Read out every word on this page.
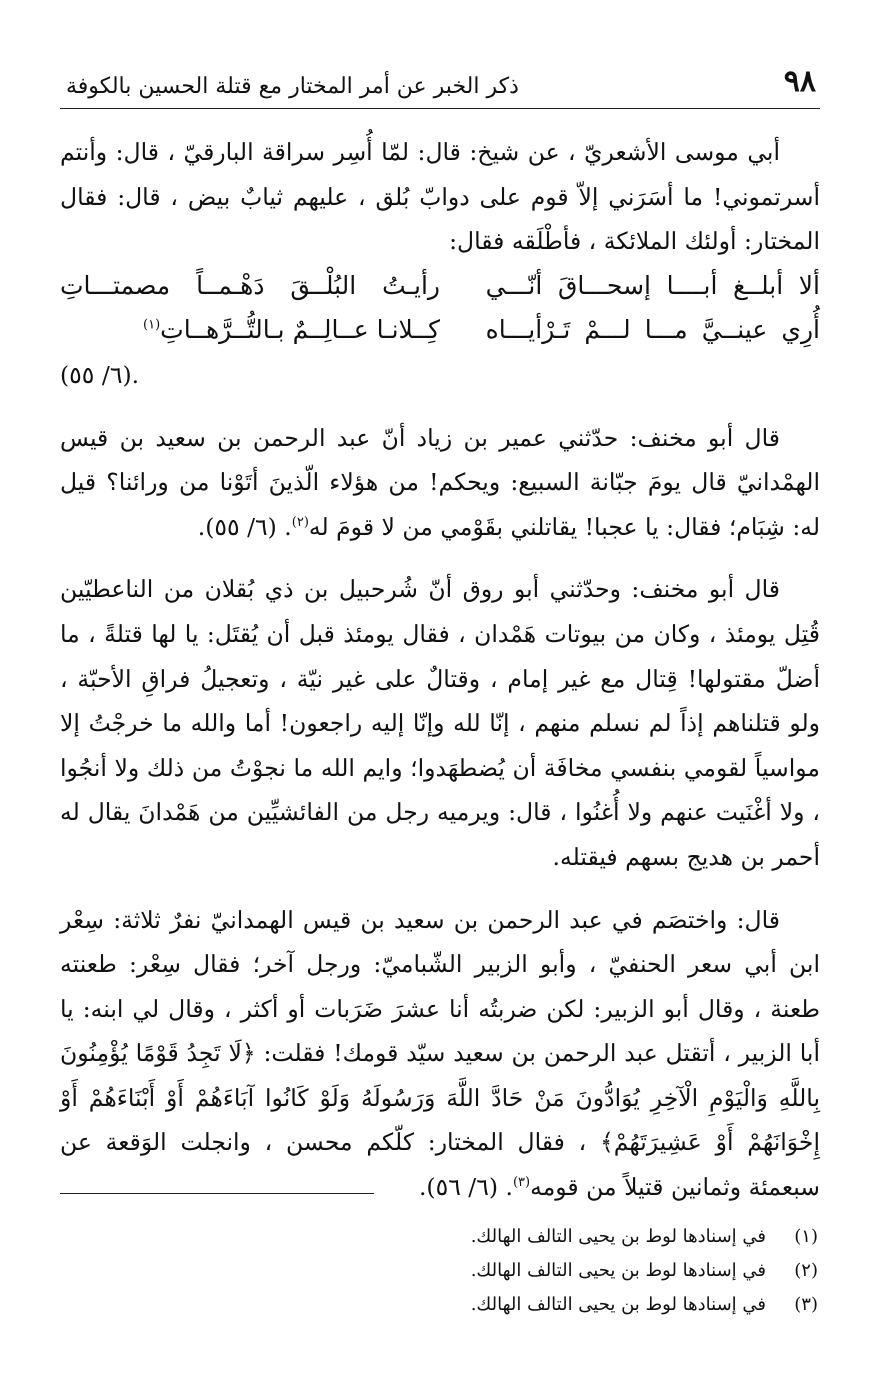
٩٨
ذكر الخبر عن أمر المختار مع قتلة الحسين بالكوفة

أبي موسى الأشعريّ ، عن شيخ: قال: لمّا أُسِر سراقة البارقيّ ، قال: وأنتم أسرتموني! ما أسَرَني إلاّ قوم على دوابّ بُلق ، عليهم ثيابٌ بيض ، قال: فقال المختار: أولئك الملائكة ، فأطْلَقه فقال:

ألا أبلــغ أبــــا إسحـــاقَ أنّـــي
رأيـتُ البُلْــقَ دَهْـمــاً مصمتـــاتِ
أُرِي عينــيَّ مـــا لـــمْ تَـرْأيـــاه
كِــلانـا عــالِــمٌ بـالتُّــرَّهــاتِ$^{(١)}$
.(٦/ ٥٥)

قال أبو مخنف: حدّثني عمير بن زياد أنّ عبد الرحمن بن سعيد بن قيس الهمْدانيّ قال يومَ جبّانة السبيع: ويحكم! من هؤلاء الّذينَ أتَوْنا من ورائنا؟ قيل له: شِبَام؛ فقال: يا عجبا! يقاتلني بقَوْمي من لا قومَ له$^{(٢)}$. (٦/ ٥٥).

قال أبو مخنف: وحدّثني أبو روق أنّ شُرحبيل بن ذي بُقلان من الناعطيّين قُتِل يومئذ ، وكان من بيوتات هَمْدان ، فقال يومئذ قبل أن يُقتَل: يا لها قتلةً ، ما أضلّ مقتولها! قِتال مع غير إمام ، وقتالٌ على غير نيّة ، وتعجيلُ فراقِ الأحبّة ، ولو قتلناهم إذاً لم نسلم منهم ، إنّا لله وإنّا إليه راجعون! أما والله ما خرجْتُ إلا مواسياً لقومي بنفسي مخافَة أن يُضطهَدوا؛ وايم الله ما نجوْتُ من ذلك ولا أنجُوا ، ولا أغْنَيت عنهم ولا أُغنُوا ، قال: ويرميه رجل من الفائشيِّين من هَمْدانَ يقال له أحمر بن هديج بسهم فيقتله.

قال: واختصَم في عبد الرحمن بن سعيد بن قيس الهمدانيّ نفرٌ ثلاثة: سِعْر ابن أبي سعر الحنفيّ ، وأبو الزبير الشّباميّ: ورجل آخر؛ فقال سِعْر: طعنته طعنة ، وقال أبو الزبير: لكن ضربتُه أنا عشرَ ضَرَبات أو أكثر ، وقال لي ابنه: يا أبا الزبير ، أتقتل عبد الرحمن بن سعيد سيّد قومك! فقلت: ﴿لَا تَجِدُ قَوْمًا يُؤْمِنُونَ بِاللَّهِ وَالْيَوْمِ الْآخِرِ يُوَادُّونَ مَنْ حَادَّ اللَّهَ وَرَسُولَهُ وَلَوْ كَانُوا آبَاءَهُمْ أَوْ أَبْنَاءَهُمْ أَوْ إِخْوَانَهُمْ أَوْ عَشِيرَتَهُمْ﴾ ، فقال المختار: كلّكم محسن ، وانجلت الوَقعة عن سبعمئة وثمانين قتيلاً من قومه$^{(٣)}$. (٦/ ٥٦).

(١)
في إسنادها لوط بن يحيى التالف الهالك.
(٢)
في إسنادها لوط بن يحيى التالف الهالك.
(٣)
في إسنادها لوط بن يحيى التالف الهالك.
